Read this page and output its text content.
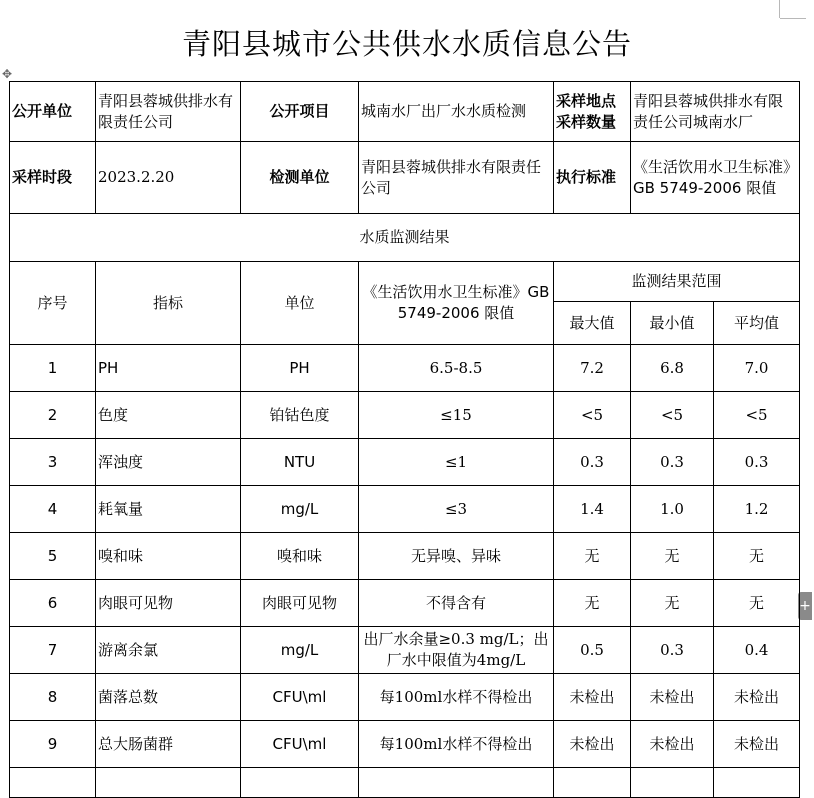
青阳县城市公共供水水质信息公告
✥
+
公开单位	青阳县蓉城供排水有限责任公司	公开项目	城南水厂出厂水水质检测	采样地点采样数量	青阳县蓉城供排水有限责任公司城南水厂	
采样时段	2023.2.20	检测单位	青阳县蓉城供排水有限责任公司	执行标准	《生活饮用水卫生标准》GB 5749-2006 限值	
水质监测结果						
序号	指标	单位	《生活饮用水卫生标准》GB 5749-2006 限值	监测结果范围		
				最大值	最小值	平均值
1	PH	PH	6.5-8.5	7.2	6.8	7.0
2	色度	铂钴色度	≤15	<5	<5	<5
3	浑浊度	NTU	≤1	0.3	0.3	0.3
4	耗氧量	mg/L	≤3	1.4	1.0	1.2
5	嗅和味	嗅和味	无异嗅、异味	无	无	无
6	肉眼可见物	肉眼可见物	不得含有	无	无	无
7	游离余氯	mg/L	出厂水余量≥0.3 mg/L；出厂水中限值为4mg/L	0.5	0.3	0.4
8	菌落总数	CFU\ml	每100ml水样不得检出	未检出	未检出	未检出
9	总大肠菌群	CFU\ml	每100ml水样不得检出	未检出	未检出	未检出
